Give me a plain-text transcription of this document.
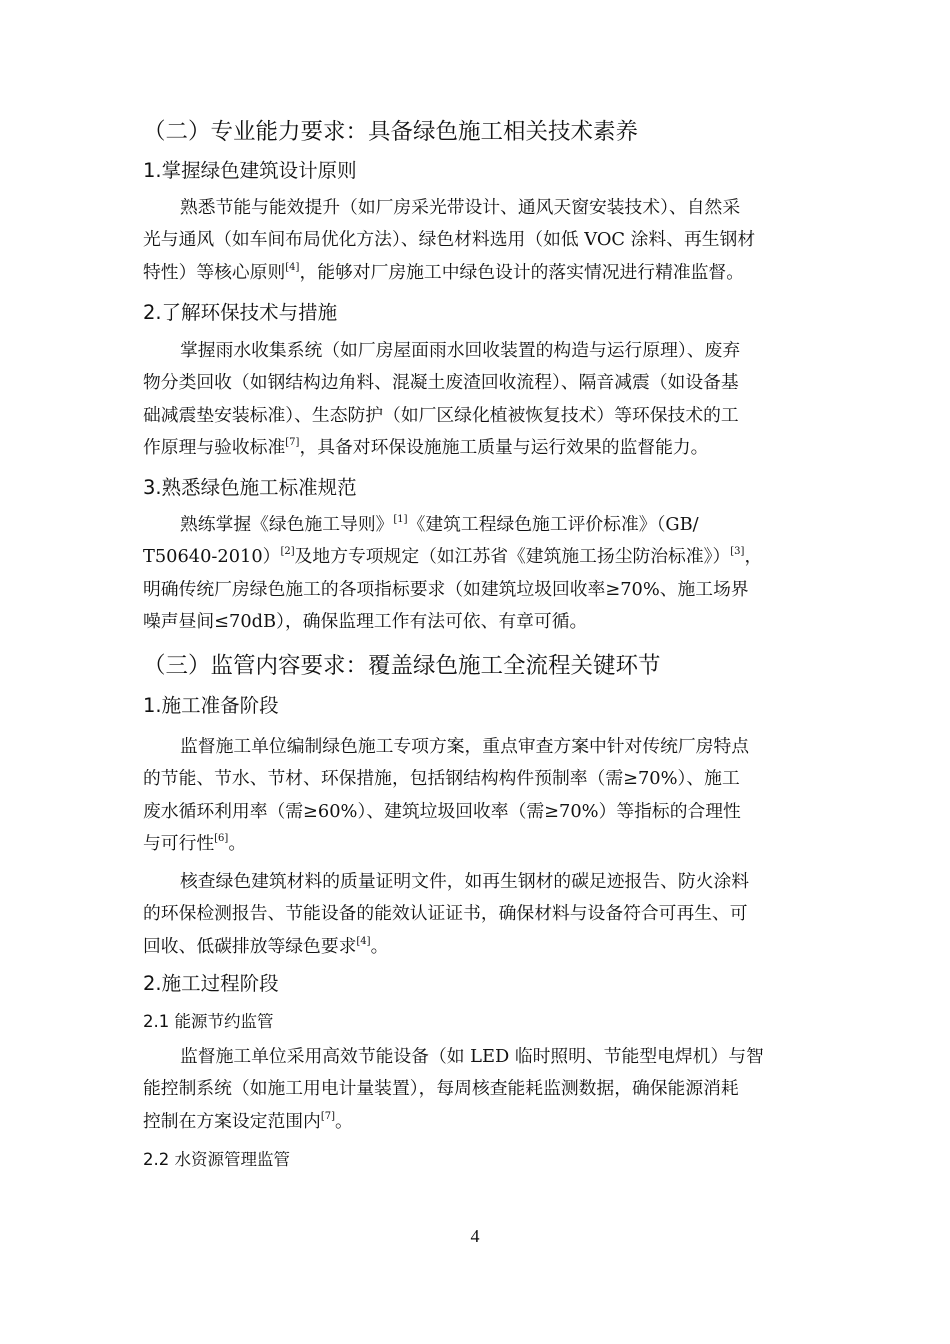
（二）专业能力要求：具备绿色施工相关技术素养
1.掌握绿色建筑设计原则
熟悉节能与能效提升（如厂房采光带设计、通风天窗安装技术）、自然采
光与通风（如车间布局优化方法）、绿色材料选用（如低 VOC 涂料、再生钢材
特性）等核心原则[4]，能够对厂房施工中绿色设计的落实情况进行精准监督。
2.了解环保技术与措施
掌握雨水收集系统（如厂房屋面雨水回收装置的构造与运行原理）、废弃
物分类回收（如钢结构边角料、混凝土废渣回收流程）、隔音减震（如设备基
础减震垫安装标准）、生态防护（如厂区绿化植被恢复技术）等环保技术的工
作原理与验收标准[7]，具备对环保设施施工质量与运行效果的监督能力。
3.熟悉绿色施工标准规范
熟练掌握《绿色施工导则》[1]《建筑工程绿色施工评价标准》（GB/
T50640-2010）[2]及地方专项规定（如江苏省《建筑施工扬尘防治标准》）[3]，
明确传统厂房绿色施工的各项指标要求（如建筑垃圾回收率≥70%、施工场界
噪声昼间≤70dB），确保监理工作有法可依、有章可循。
（三）监管内容要求：覆盖绿色施工全流程关键环节
1.施工准备阶段
监督施工单位编制绿色施工专项方案，重点审查方案中针对传统厂房特点
的节能、节水、节材、环保措施，包括钢结构构件预制率（需≥70%）、施工
废水循环利用率（需≥60%）、建筑垃圾回收率（需≥70%）等指标的合理性
与可行性[6]。
核查绿色建筑材料的质量证明文件，如再生钢材的碳足迹报告、防火涂料
的环保检测报告、节能设备的能效认证证书，确保材料与设备符合可再生、可
回收、低碳排放等绿色要求[4]。
2.施工过程阶段
2.1 能源节约监管
监督施工单位采用高效节能设备（如 LED 临时照明、节能型电焊机）与智
能控制系统（如施工用电计量装置），每周核查能耗监测数据，确保能源消耗
控制在方案设定范围内[7]。
2.2 水资源管理监管
4
